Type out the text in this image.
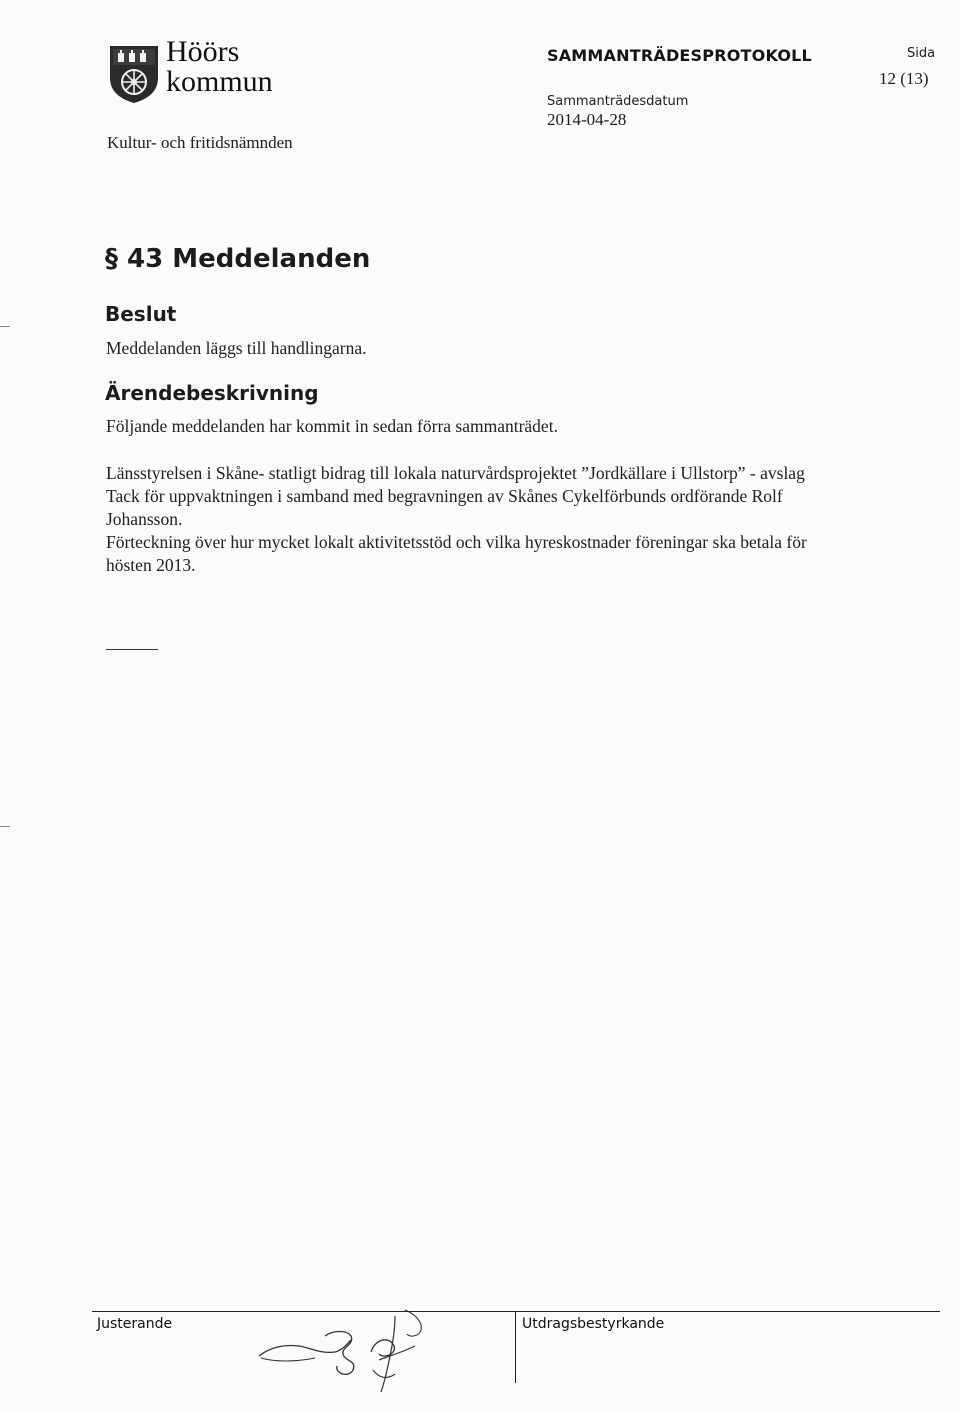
Höörs
kommun
Kultur- och fritidsnämnden
SAMMANTRÄDESPROTOKOLL
Sammanträdesdatum
2014-04-28
Sida
12 (13)
§ 43 Meddelanden
Beslut
Meddelanden läggs till handlingarna.
Ärendebeskrivning
Följande meddelanden har kommit in sedan förra sammanträdet.
Länsstyrelsen i Skåne- statligt bidrag till lokala naturvårdsprojektet ”Jordkällare i Ullstorp” - avslag
Tack för uppvaktningen i samband med begravningen av Skånes Cykelförbunds ordförande Rolf
Johansson.
Förteckning över hur mycket lokalt aktivitetsstöd och vilka hyreskostnader föreningar ska betala för
hösten 2013.
Justerande	Utdragsbestyrkande
